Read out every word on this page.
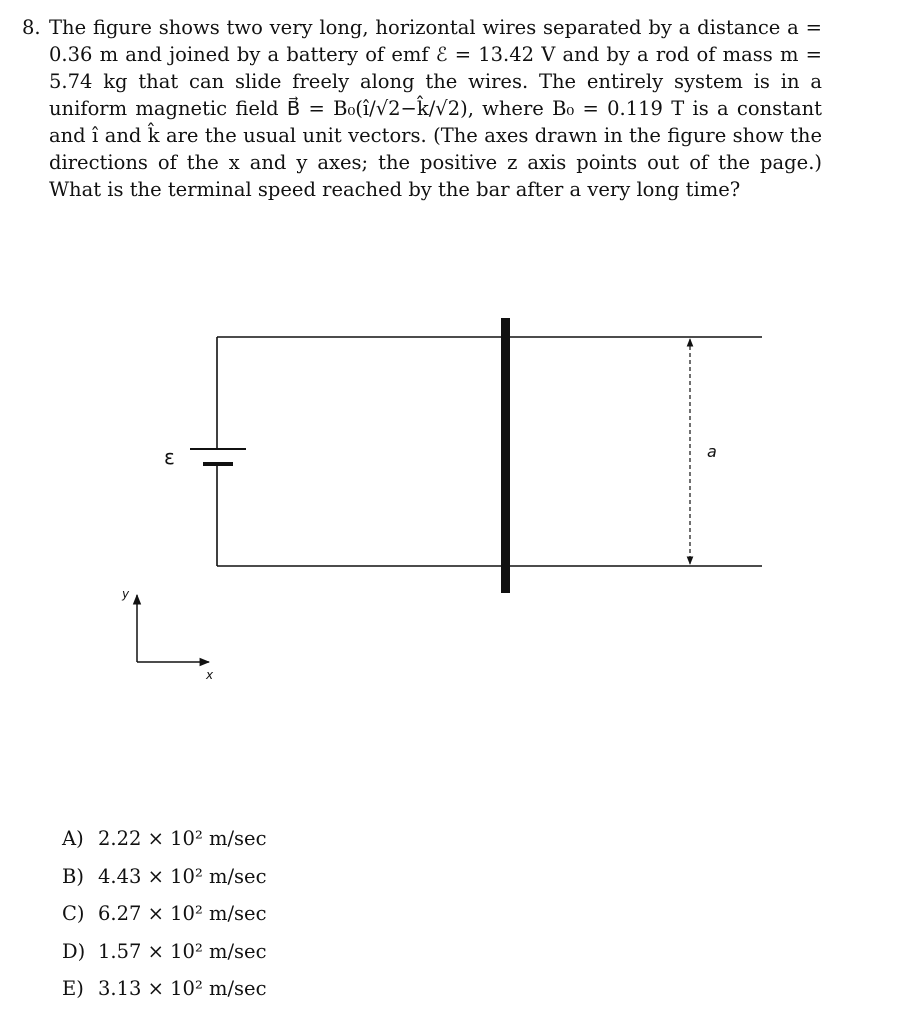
8. The figure shows two very long, horizontal wires separated by a distance a = 0.36 m and joined by a battery of emf ℰ = 13.42 V and by a rod of mass m = 5.74 kg that can slide freely along the wires. The entirely system is in a uniform magnetic field B⃗ = B₀(î/√2−k̂/√2), where B₀ = 0.119 T is a constant and î and k̂ are the usual unit vectors. (The axes drawn in the figure show the directions of the x and y axes; the positive z axis points out of the page.) What is the terminal speed reached by the bar after a very long time?
ε	a
y
x
A) 2.22 × 10² m/sec
B) 4.43 × 10² m/sec
C) 6.27 × 10² m/sec
D) 1.57 × 10² m/sec
E) 3.13 × 10² m/sec
